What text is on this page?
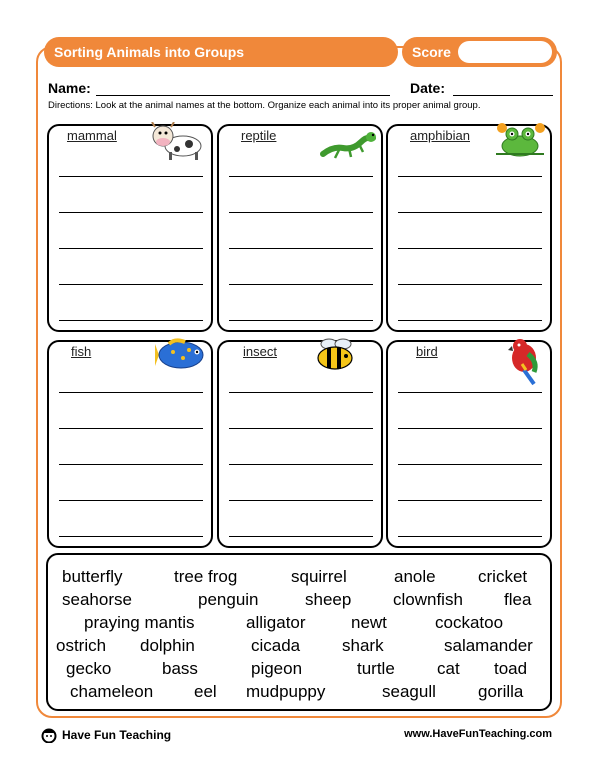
Sorting Animals into Groups	Score
Name:	Date:
Directions: Look at the animal names at the bottom. Organize each animal into its proper animal group.
mammal	reptile	amphibian
fish	insect	bird
butterfly	tree frog	squirrel	anole cricket
seahorse	penguin	sheep clownfish flea
praying mantis	alligator	newt	cockatoo
ostrich dolphin	cicada shark	salamander
gecko	bass	pigeon	turtle cat toad
chameleon eel mudpuppy	seagull gorilla
Have Fun Teaching	www.HaveFunTeaching.com
